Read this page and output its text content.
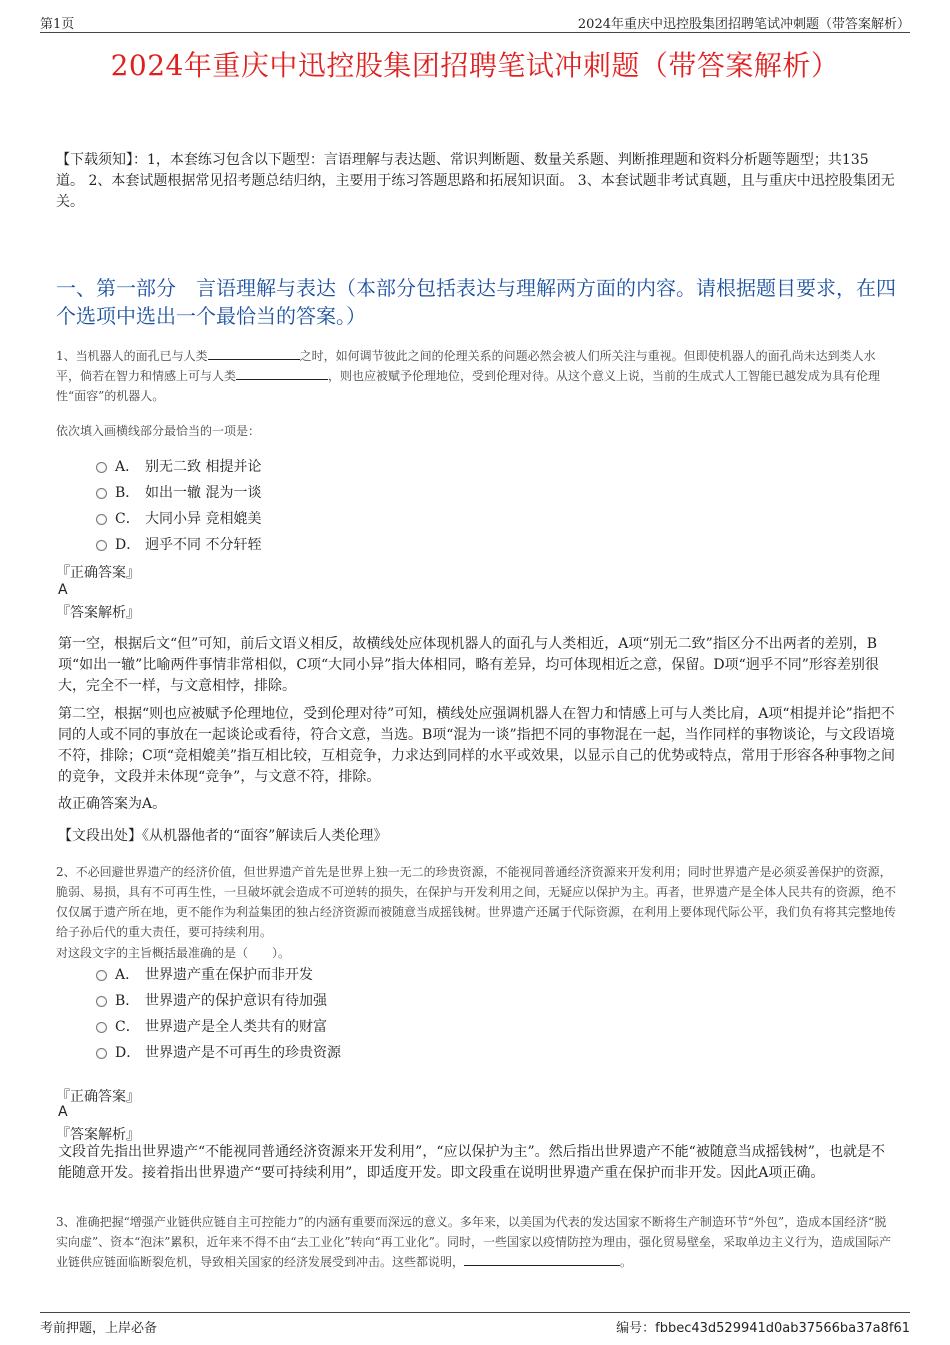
第1页	2024年重庆中迅控股集团招聘笔试冲刺题（带答案解析）
2024年重庆中迅控股集团招聘笔试冲刺题（带答案解析）
【下载须知】：1，本套练习包含以下题型：言语理解与表达题、常识判断题、数量关系题、判断推理题和资料分析题等题型；共135道。 2、本套试题根据常见招考题总结归纳，主要用于练习答题思路和拓展知识面。 3、本套试题非考试真题，且与重庆中迅控股集团无关。
一、第一部分　言语理解与表达（本部分包括表达与理解两方面的内容。请根据题目要求，在四个选项中选出一个最恰当的答案。）
1、当机器人的面孔已与人类	之时，如何调节彼此之间的伦理关系的问题必然会被人们所关注与重视。但即使机器人的面孔尚未达到类人水平，倘若在智力和情感上可与人类	，则也应被赋予伦理地位，受到伦理对待。从这个意义上说，当前的生成式人工智能已越发成为具有伦理性“面容”的机器人。
依次填入画横线部分最恰当的一项是：
A． 别无二致 相提并论
B． 如出一辙 混为一谈
C． 大同小异 竞相媲美
D． 迥乎不同 不分轩轾
『正确答案』
A
『答案解析』
第一空，根据后文“但”可知，前后文语义相反，故横线处应体现机器人的面孔与人类相近，A项“别无二致”指区分不出两者的差别，B项“如出一辙”比喻两件事情非常相似，C项“大同小异”指大体相同，略有差异，均可体现相近之意，保留。D项“迥乎不同”形容差别很大，完全不一样，与文意相悖，排除。
第二空，根据“则也应被赋予伦理地位，受到伦理对待”可知，横线处应强调机器人在智力和情感上可与人类比肩，A项“相提并论”指把不同的人或不同的事放在一起谈论或看待，符合文意，当选。B项“混为一谈”指把不同的事物混在一起，当作同样的事物谈论，与文段语境不符，排除；C项“竞相媲美”指互相比较，互相竞争，力求达到同样的水平或效果，以显示自己的优势或特点，常用于形容各种事物之间的竞争，文段并未体现“竞争”，与文意不符，排除。
故正确答案为A。
【文段出处】《从机器他者的“面容”解读后人类伦理》
2、不必回避世界遗产的经济价值，但世界遗产首先是世界上独一无二的珍贵资源，不能视同普通经济资源来开发利用；同时世界遗产是必须妥善保护的资源，脆弱、易损，具有不可再生性，一旦破坏就会造成不可逆转的损失，在保护与开发利用之间，无疑应以保护为主。再者，世界遗产是全体人民共有的资源，绝不仅仅属于遗产所在地，更不能作为利益集团的独占经济资源而被随意当成摇钱树。世界遗产还属于代际资源，在利用上要体现代际公平，我们负有将其完整地传给子孙后代的重大责任，要可持续利用。
对这段文字的主旨概括最准确的是（　　）。
A． 世界遗产重在保护而非开发
B． 世界遗产的保护意识有待加强
C． 世界遗产是全人类共有的财富
D． 世界遗产是不可再生的珍贵资源
『正确答案』
A
『答案解析』
文段首先指出世界遗产“不能视同普通经济资源来开发利用”，“应以保护为主”。然后指出世界遗产不能“被随意当成摇钱树”，也就是不能随意开发。接着指出世界遗产“要可持续利用”，即适度开发。即文段重在说明世界遗产重在保护而非开发。因此A项正确。
3、准确把握“增强产业链供应链自主可控能力”的内涵有重要而深远的意义。多年来，以美国为代表的发达国家不断将生产制造环节“外包”，造成本国经济“脱实向虚”、资本“泡沫”累积，近年来不得不由“去工业化”转向“再工业化”。同时，一些国家以疫情防控为理由，强化贸易壁垒，采取单边主义行为，造成国际产业链供应链面临断裂危机，导致相关国家的经济发展受到冲击。这些都说明，	。
考前押题，上岸必备	编号：fbbec43d529941d0ab37566ba37a8f61
